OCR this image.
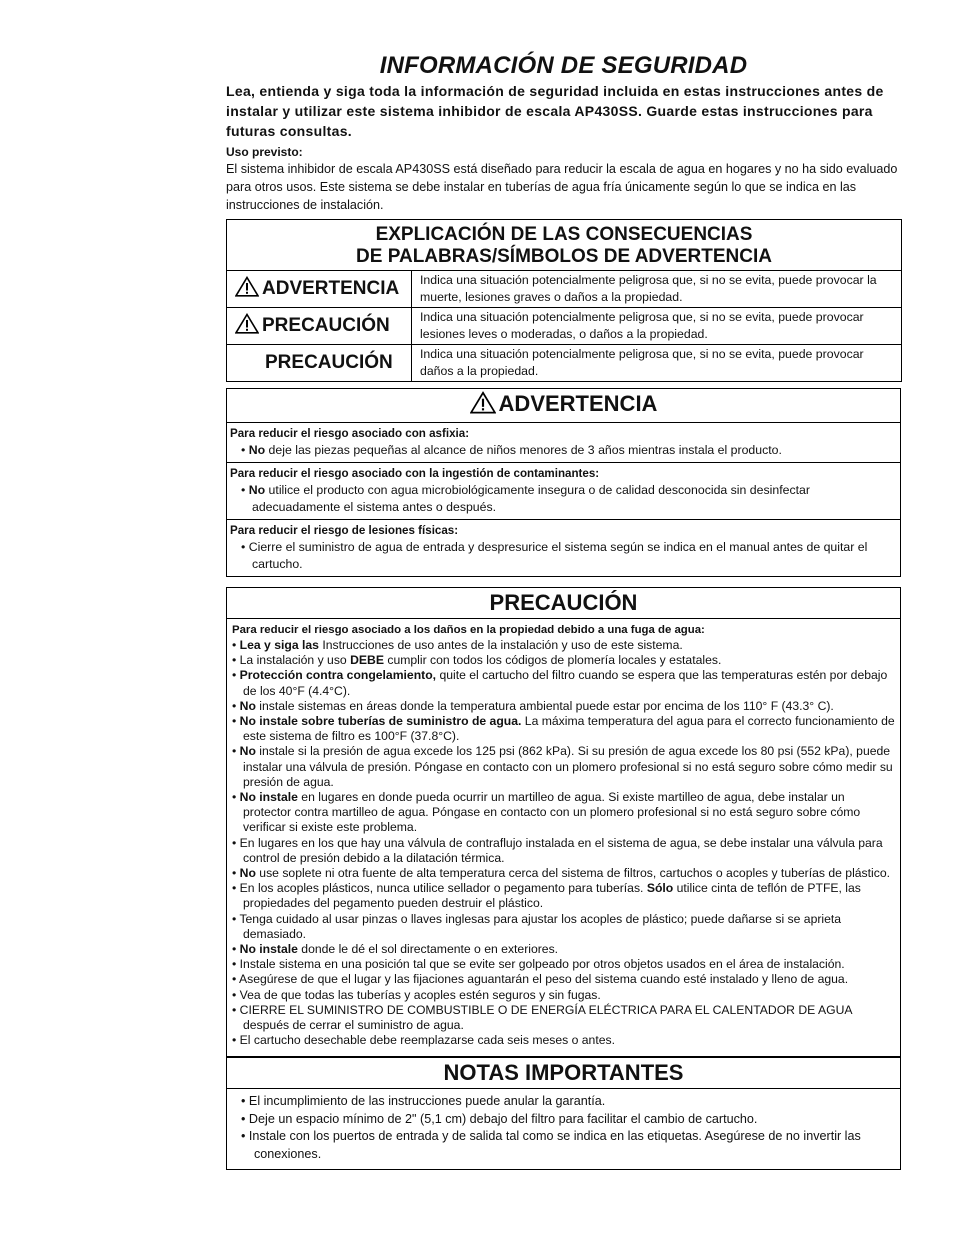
INFORMACIÓN DE SEGURIDAD

Lea, entienda y siga toda la información de seguridad incluida en estas instrucciones antes de instalar y utilizar este sistema inhibidor de escala AP430SS. Guarde estas instrucciones para futuras consultas.

Uso previsto:
El sistema inhibidor de escala AP430SS está diseñado para reducir la escala de agua en hogares y no ha sido evaluado para otros usos. Este sistema se debe instalar en tuberías de agua fría únicamente según lo que se indica en las instrucciones de instalación.
EXPLICACIÓN DE LAS CONSECUENCIAS
DE PALABRAS/SÍMBOLOS DE ADVERTENCIA	

ADVERTENCIA	Indica una situación potencialmente peligrosa que, si no se evita, puede provocar la muerte, lesiones graves o daños a la propiedad.
PRECAUCIÓN	Indica una situación potencialmente peligrosa que, si no se evita, puede provocar lesiones leves o moderadas, o daños a la propiedad.
PRECAUCIÓN	Indica una situación potencialmente peligrosa que, si no se evita, puede provocar daños a la propiedad.
ADVERTENCIA
Para reducir el riesgo asociado con asfixia:
• No deje las piezas pequeñas al alcance de niños menores de 3 años mientras instala el producto.
Para reducir el riesgo asociado con la ingestión de contaminantes:
• No utilice el producto con agua microbiológicamente insegura o de calidad desconocida sin desinfectar adecuadamente el sistema antes o después.
Para reducir el riesgo de lesiones físicas:
• Cierre el suministro de agua de entrada y despresurice el sistema según se indica en el manual antes de quitar el cartucho.
PRECAUCIÓN
Para reducir el riesgo asociado a los daños en la propiedad debido a una fuga de agua:
• Lea y siga las Instrucciones de uso antes de la instalación y uso de este sistema.
• La instalación y uso DEBE cumplir con todos los códigos de plomería locales y estatales.
• Protección contra congelamiento, quite el cartucho del filtro cuando se espera que las temperaturas estén por debajo de los 40°F (4.4°C).
• No instale sistemas en áreas donde la temperatura ambiental puede estar por encima de los 110° F (43.3° C).
• No instale sobre tuberías de suministro de agua. La máxima temperatura del agua para el correcto funcionamiento de este sistema de filtro es 100°F (37.8°C).
• No instale si la presión de agua excede los 125 psi (862 kPa). Si su presión de agua excede los 80 psi (552 kPa), puede instalar una válvula de presión. Póngase en contacto con un plomero profesional si no está seguro sobre cómo medir su presión de agua.
• No instale en lugares en donde pueda ocurrir un martilleo de agua. Si existe martilleo de agua, debe instalar un protector contra martilleo de agua. Póngase en contacto con un plomero profesional si no está seguro sobre cómo verificar si existe este problema.
• En lugares en los que hay una válvula de contraflujo instalada en el sistema de agua, se debe instalar una válvula para control de presión debido a la dilatación térmica.
• No use soplete ni otra fuente de alta temperatura cerca del sistema de filtros, cartuchos o acoples y tuberías de plástico.
• En los acoples plásticos, nunca utilice sellador o pegamento para tuberías. Sólo utilice cinta de teflón de PTFE, las propiedades del pegamento pueden destruir el plástico.
• Tenga cuidado al usar pinzas o llaves inglesas para ajustar los acoples de plástico; puede dañarse si se aprieta demasiado.
• No instale donde le dé el sol directamente o en exteriores.
• Instale sistema en una posición tal que se evite ser golpeado por otros objetos usados en el área de instalación.
• Asegúrese de que el lugar y las fijaciones aguantarán el peso del sistema cuando esté instalado y lleno de agua.
• Vea de que todas las tuberías y acoples estén seguros y sin fugas.
• CIERRE EL SUMINISTRO DE COMBUSTIBLE O DE ENERGÍA ELÉCTRICA PARA EL CALENTADOR DE AGUA después de cerrar el suministro de agua.
• El cartucho desechable debe reemplazarse cada seis meses o antes.
NOTAS IMPORTANTES
• El incumplimiento de las instrucciones puede anular la garantía.
• Deje un espacio mínimo de 2" (5,1 cm) debajo del filtro para facilitar el cambio de cartucho.
• Instale con los puertos de entrada y de salida tal como se indica en las etiquetas. Asegúrese de no invertir las conexiones.
